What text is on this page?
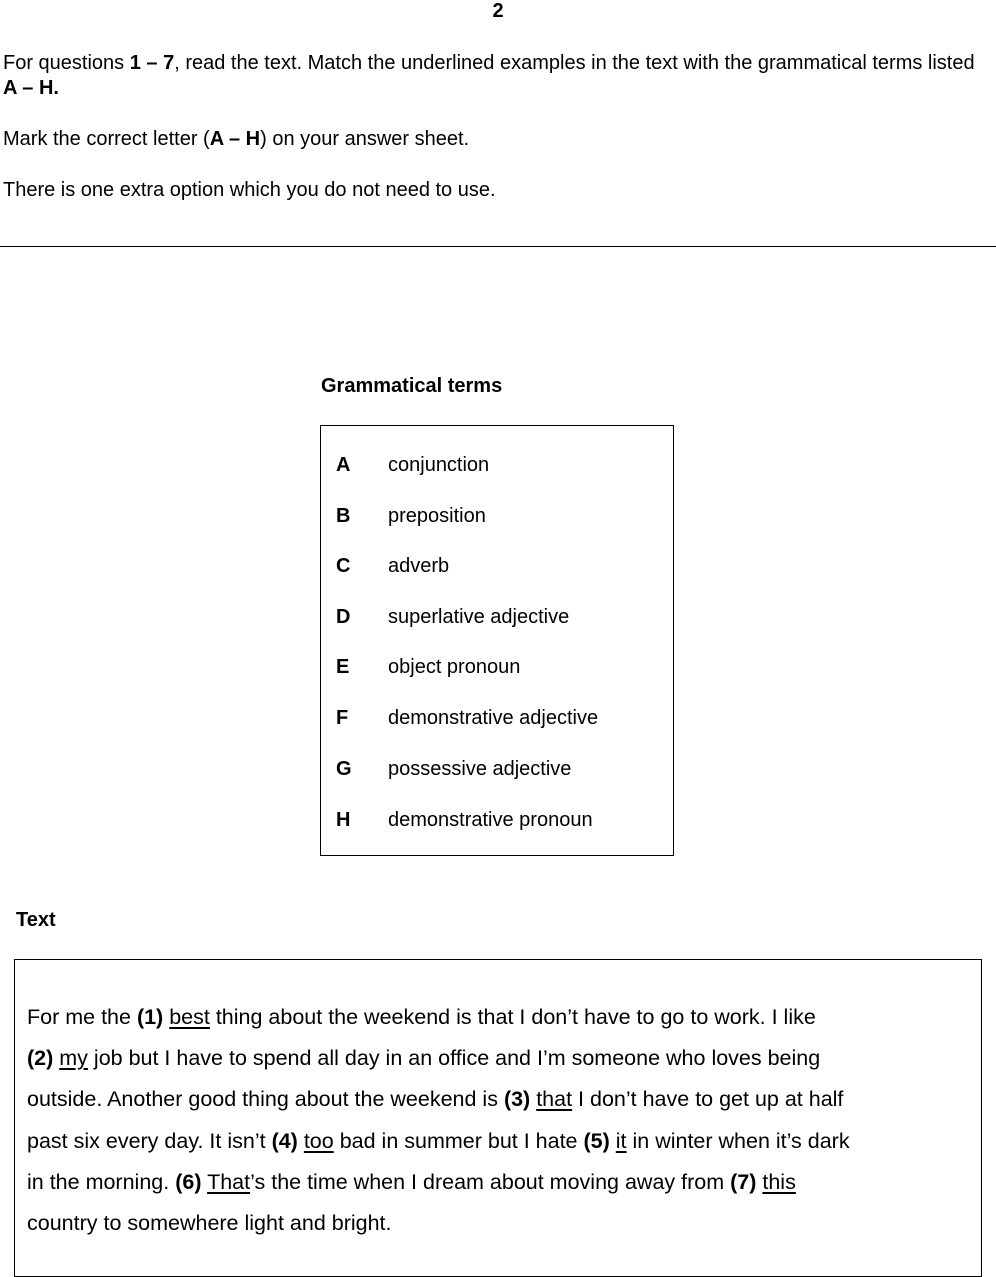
2

For questions 1 – 7, read the text. Match the underlined examples in the text with the grammatical terms listed A – H.

Mark the correct letter (A – H) on your answer sheet.

There is one extra option which you do not need to use.

Grammatical terms
A conjunction
B preposition
C adverb
D superlative adjective
E object pronoun
F demonstrative adjective
G possessive adjective
H demonstrative pronoun
Text
For me the (1) best thing about the weekend is that I don’t have to go to work. I like
(2) my job but I have to spend all day in an office and I’m someone who loves being
outside. Another good thing about the weekend is (3) that I don’t have to get up at half
past six every day. It isn’t (4) too bad in summer but I hate (5) it in winter when it’s dark
in the morning. (6) That’s the time when I dream about moving away from (7) this
country to somewhere light and bright.
